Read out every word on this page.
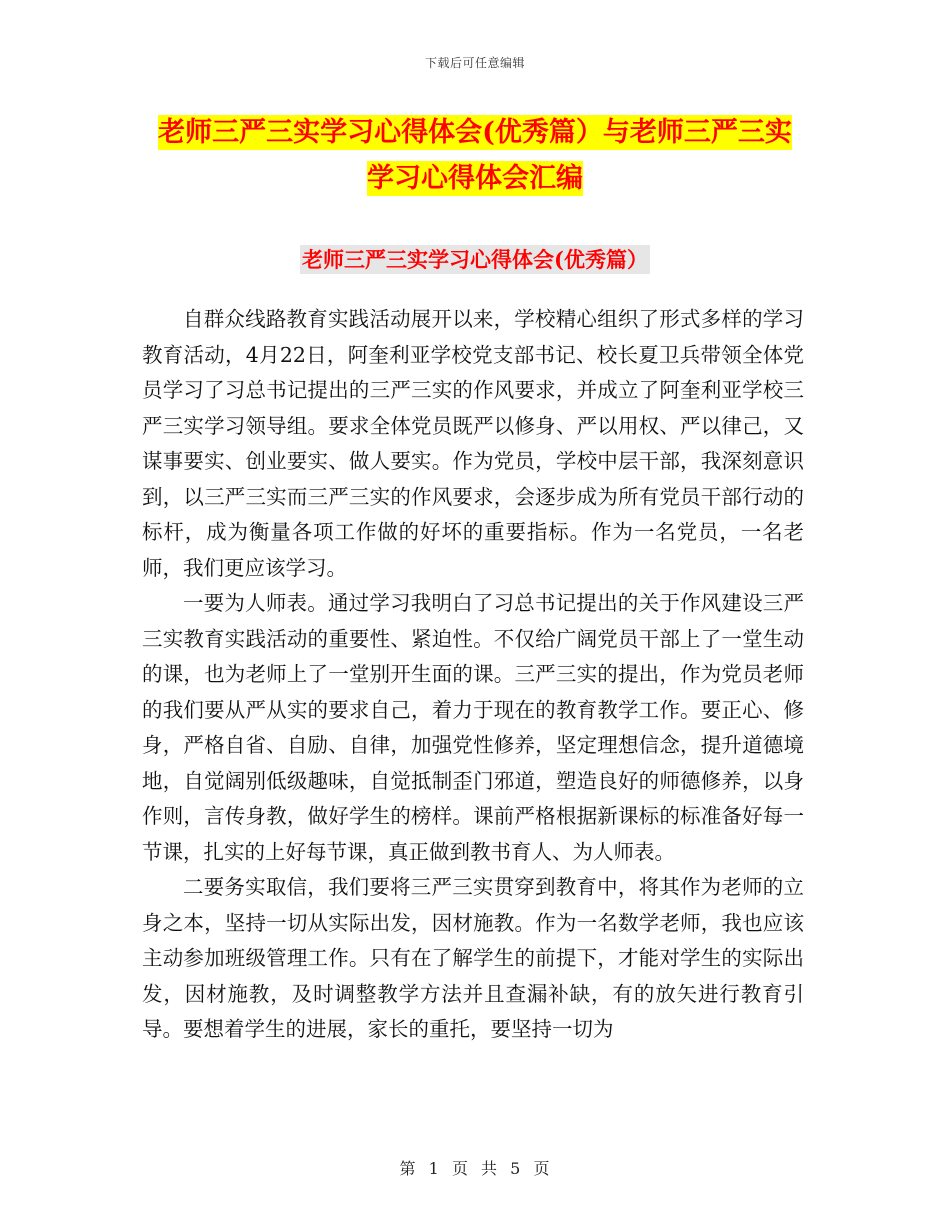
下载后可任意编辑
老师三严三实学习心得体会(优秀篇）与老师三严三实
学习心得体会汇编
老师三严三实学习心得体会(优秀篇）

自群众线路教育实践活动展开以来，学校精心组织了形式多样的学习教育活动，4月22日，阿奎利亚学校党支部书记、校长夏卫兵带领全体党员学习了习总书记提出的三严三实的作风要求，并成立了阿奎利亚学校三严三实学习领导组。要求全体党员既严以修身、严以用权、严以律己，又谋事要实、创业要实、做人要实。作为党员，学校中层干部，我深刻意识到，以三严三实而三严三实的作风要求，会逐步成为所有党员干部行动的标杆，成为衡量各项工作做的好坏的重要指标。作为一名党员，一名老师，我们更应该学习。

一要为人师表。通过学习我明白了习总书记提出的关于作风建设三严三实教育实践活动的重要性、紧迫性。不仅给广阔党员干部上了一堂生动的课，也为老师上了一堂别开生面的课。三严三实的提出，作为党员老师的我们要从严从实的要求自己，着力于现在的教育教学工作。要正心、修身，严格自省、自励、自律，加强党性修养，坚定理想信念，提升道德境地，自觉阔别低级趣味，自觉抵制歪门邪道，塑造良好的师德修养，以身作则，言传身教，做好学生的榜样。课前严格根据新课标的标准备好每一节课，扎实的上好每节课，真正做到教书育人、为人师表。

二要务实取信，我们要将三严三实贯穿到教育中，将其作为老师的立身之本，坚持一切从实际出发，因材施教。作为一名数学老师，我也应该主动参加班级管理工作。只有在了解学生的前提下，才能对学生的实际出发，因材施教，及时调整教学方法并且查漏补缺，有的放矢进行教育引导。要想着学生的进展，家长的重托，要坚持一切为

第 1 页 共 5 页
